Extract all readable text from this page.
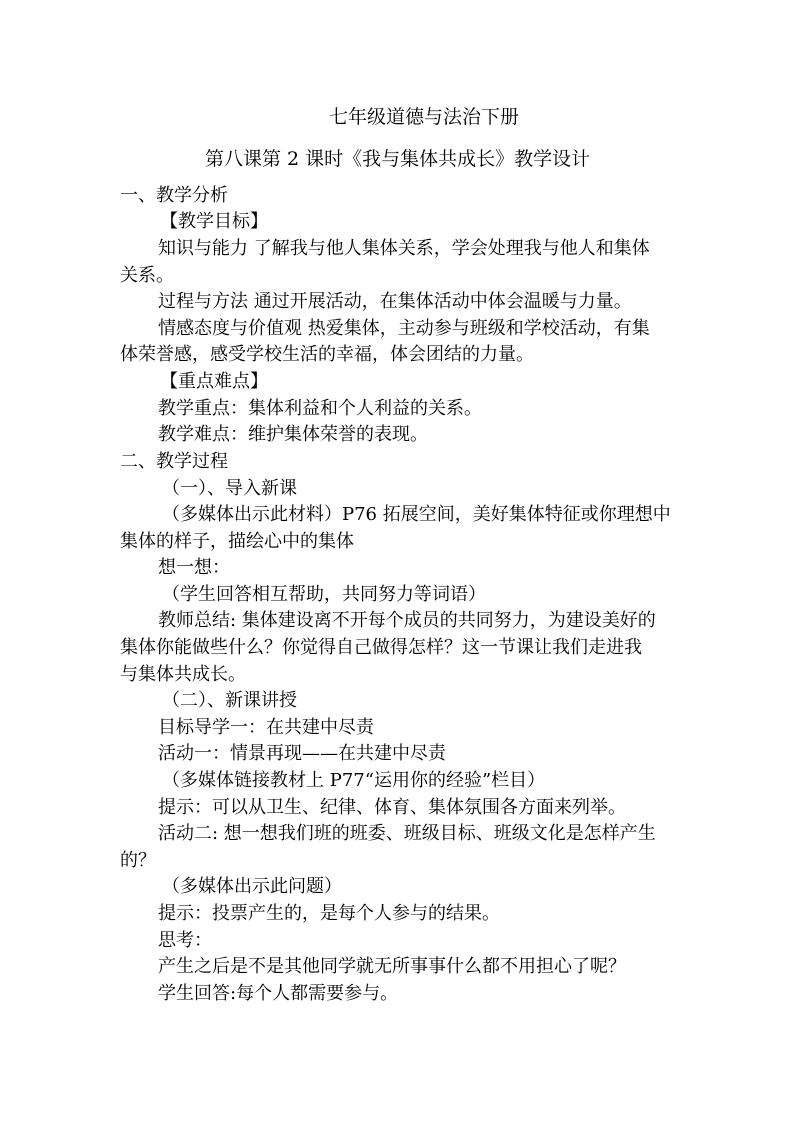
七年级道德与法治下册
第八课第 2 课时《我与集体共成长》教学设计
一、教学分析
【教学目标】
知识与能力 了解我与他人集体关系，学会处理我与他人和集体
关系。
过程与方法 通过开展活动，在集体活动中体会温暖与力量。
情感态度与价值观 热爱集体，主动参与班级和学校活动，有集
体荣誉感，感受学校生活的幸福，体会团结的力量。
【重点难点】
教学重点：集体利益和个人利益的关系。
教学难点：维护集体荣誉的表现。
二、教学过程
（一）、导入新课
（多媒体出示此材料）P76 拓展空间，美好集体特征或你理想中
集体的样子，描绘心中的集体
想一想：
（学生回答相互帮助，共同努力等词语）
教师总结: 集体建设离不开每个成员的共同努力，为建设美好的
集体你能做些什么？你觉得自己做得怎样？这一节课让我们走进我
与集体共成长。
（二）、新课讲授
目标导学一：在共建中尽责
活动一：情景再现——在共建中尽责
（多媒体链接教材上 P77“运用你的经验”栏目）
提示：可以从卫生、纪律、体育、集体氛围各方面来列举。
活动二: 想一想我们班的班委、班级目标、班级文化是怎样产生
的？
（多媒体出示此问题）
提示：投票产生的，是每个人参与的结果。
思考：
产生之后是不是其他同学就无所事事什么都不用担心了呢？
学生回答:每个人都需要参与。
